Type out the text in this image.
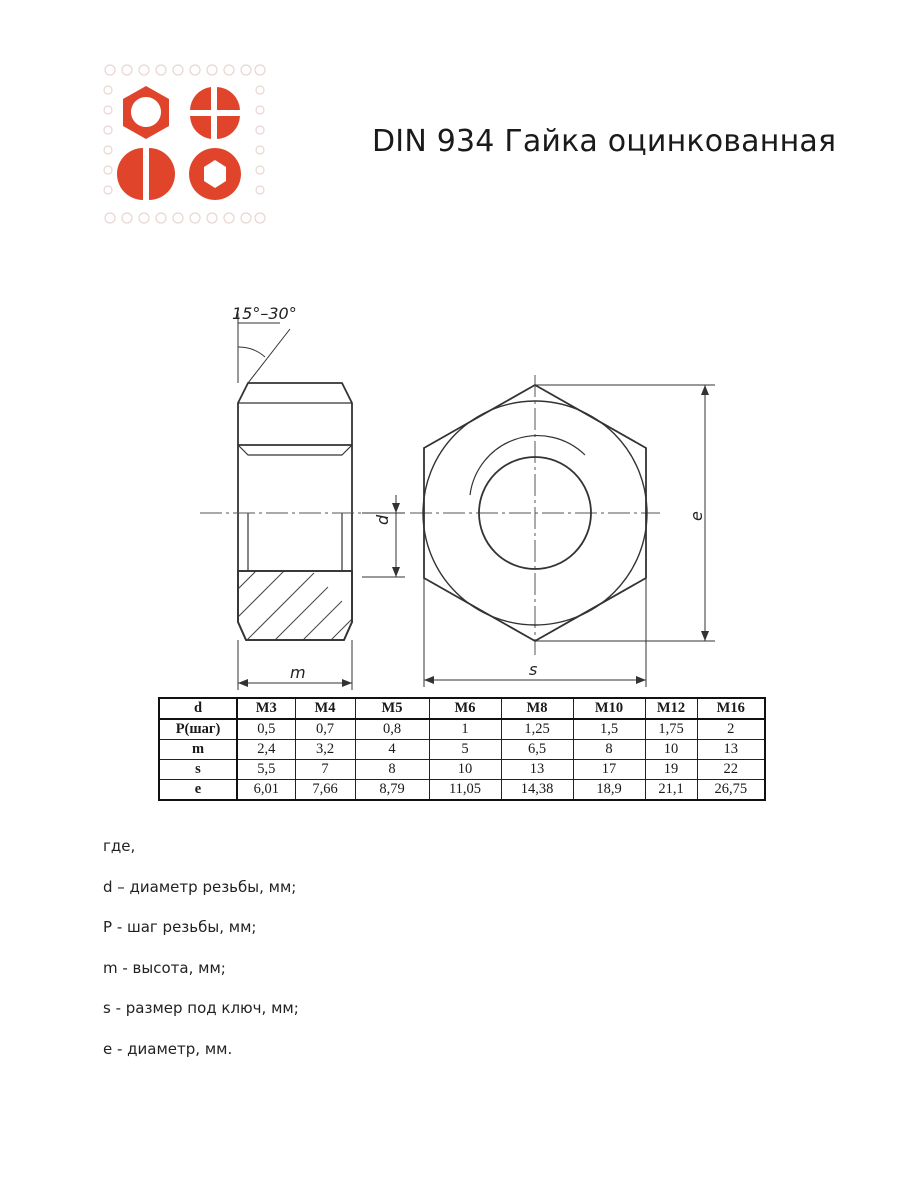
DIN 934 Гайка оцинкованная
15°–30°
d
m
e
s
d	M3	M4	M5	M6	M8	M10	M12	M16
P(шаг)	0,5	0,7	0,8	1	1,25	1,5	1,75	2
m	2,4	3,2	4	5	6,5	8	10	13
s	5,5	7	8	10	13	17	19	22
e	6,01	7,66	8,79	11,05	14,38	18,9	21,1	26,75
где,
d – диаметр резьбы, мм;
P - шаг резьбы, мм;
m - высота, мм;
s - размер под ключ, мм;
е - диаметр, мм.
